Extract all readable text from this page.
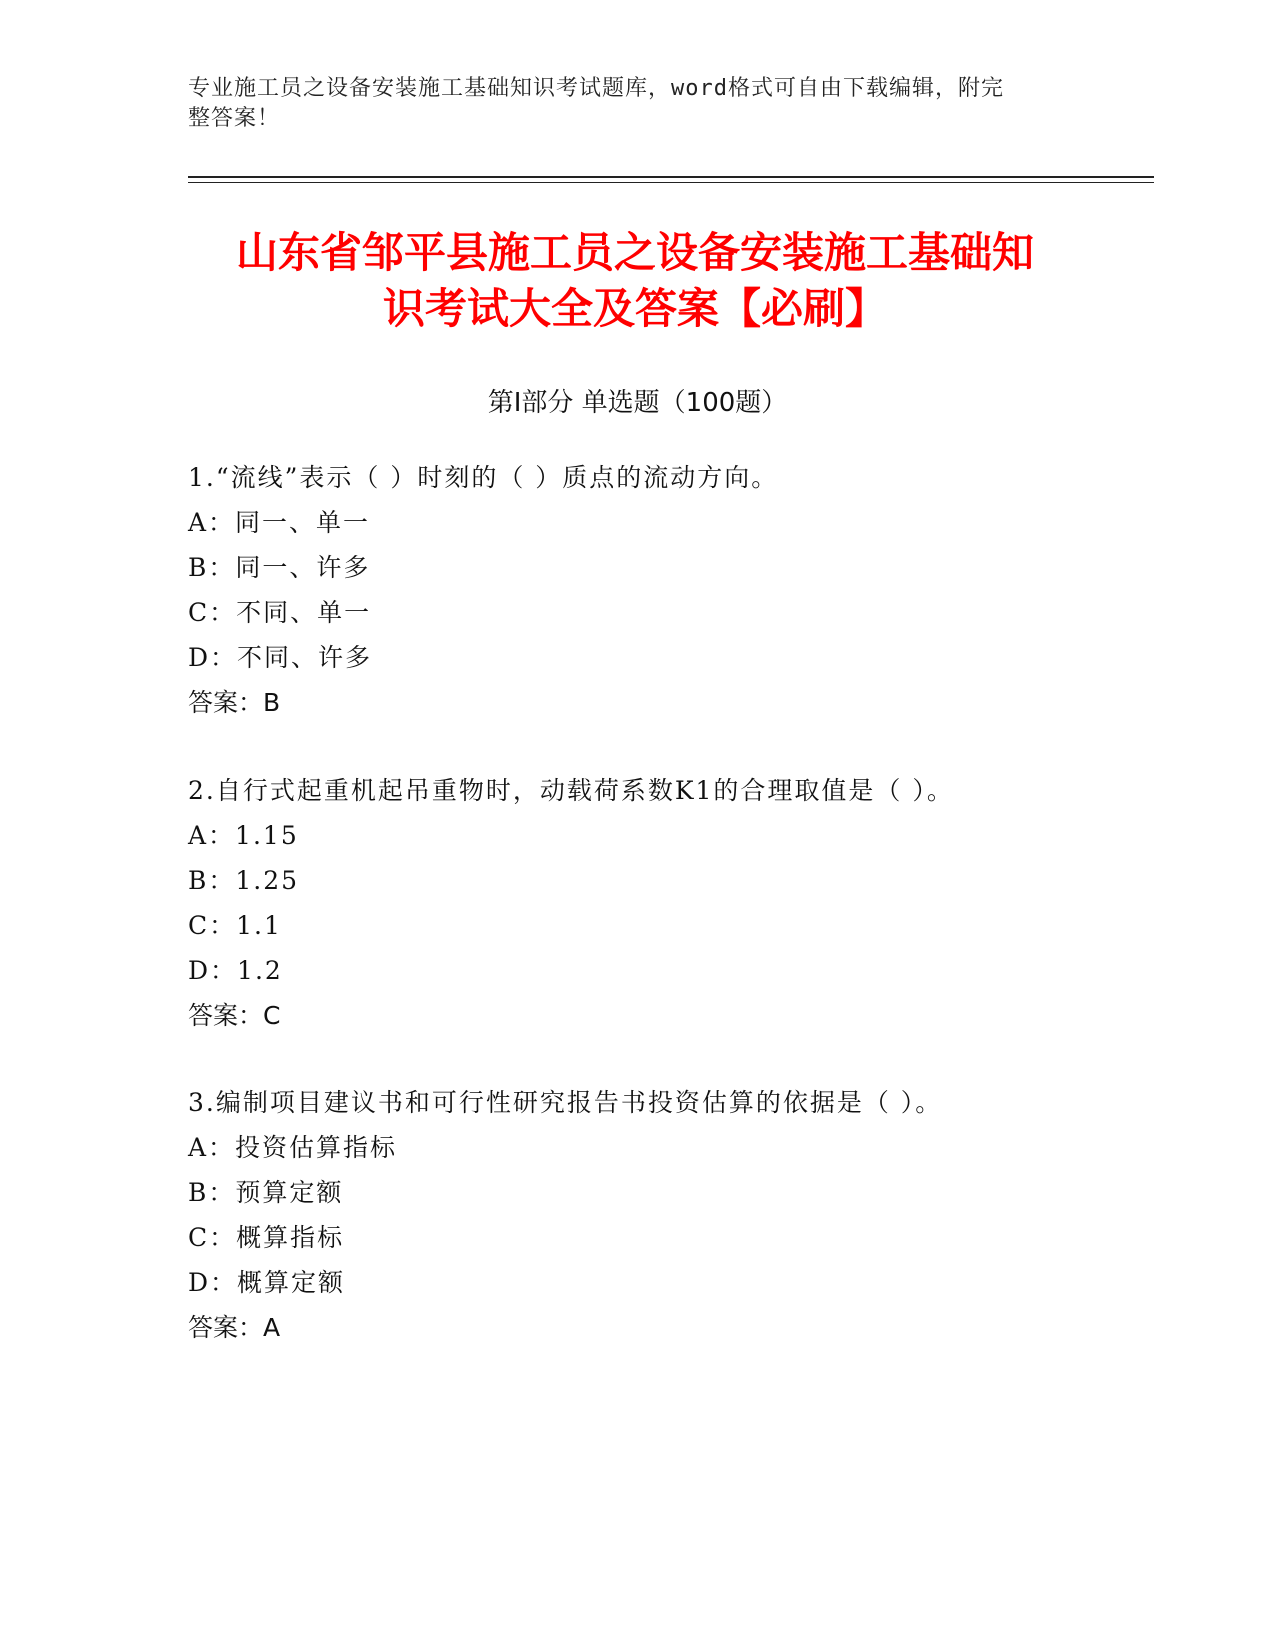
专业施工员之设备安装施工基础知识考试题库，word格式可自由下载编辑，附完
整答案！
山东省邹平县施工员之设备安装施工基础知
识考试大全及答案【必刷】
第Ⅰ部分 单选题（100题）
1.“流线”表示（ ）时刻的（ ）质点的流动方向。
A：同一、单一
B：同一、许多
C：不同、单一
D：不同、许多
答案：B
2.自行式起重机起吊重物时，动载荷系数K1的合理取值是（ ）。
A：1.15
B：1.25
C：1.1
D：1.2
答案：C
3.编制项目建议书和可行性研究报告书投资估算的依据是（ ）。
A：投资估算指标
B：预算定额
C：概算指标
D：概算定额
答案：A
